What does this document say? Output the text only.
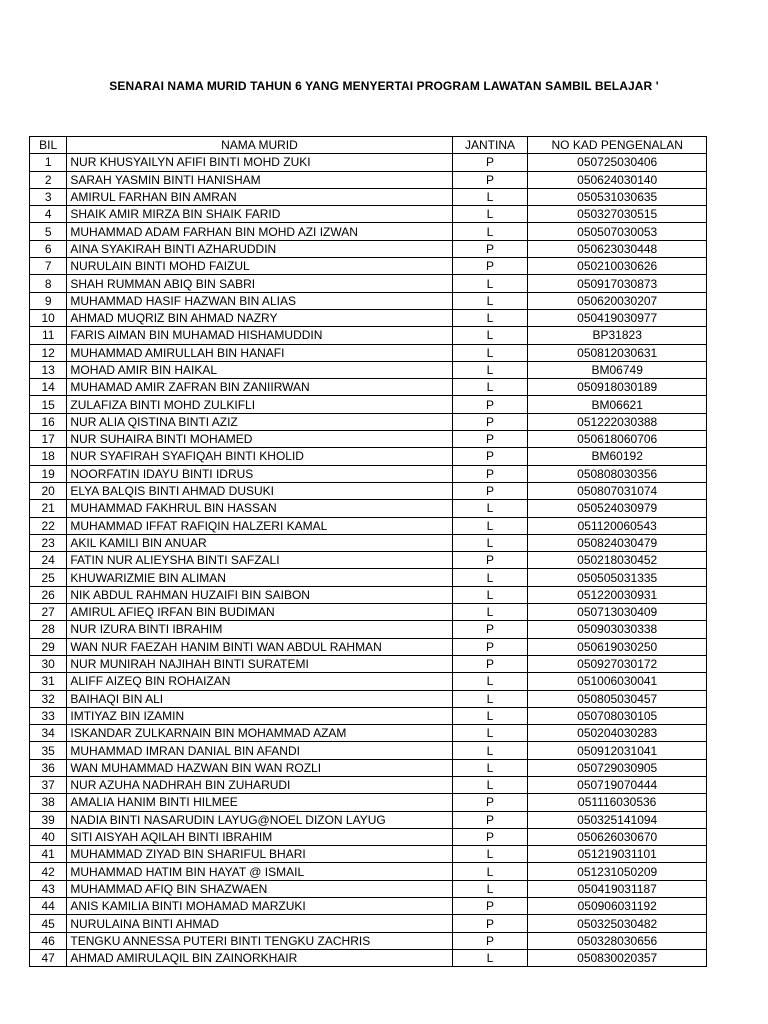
SENARAI NAMA MURID TAHUN 6 YANG MENYERTAI PROGRAM LAWATAN SAMBIL BELAJAR '
BIL	NAMA MURID	JANTINA	NO KAD PENGENALAN
1	NUR KHUSYAILYN AFIFI BINTI MOHD ZUKI	P	050725030406
2	SARAH YASMIN BINTI HANISHAM	P	050624030140
3	AMIRUL FARHAN BIN AMRAN	L	050531030635
4	SHAIK AMIR MIRZA BIN SHAIK FARID	L	050327030515
5	MUHAMMAD ADAM FARHAN BIN MOHD AZI IZWAN	L	050507030053
6	AINA SYAKIRAH BINTI AZHARUDDIN	P	050623030448
7	NURULAIN BINTI MOHD FAIZUL	P	050210030626
8	SHAH RUMMAN ABIQ BIN SABRI	L	050917030873
9	MUHAMMAD HASIF HAZWAN BIN ALIAS	L	050620030207
10	AHMAD MUQRIZ BIN AHMAD NAZRY	L	050419030977
11	FARIS AIMAN BIN MUHAMAD HISHAMUDDIN	L	BP31823
12	MUHAMMAD AMIRULLAH BIN HANAFI	L	050812030631
13	MOHAD AMIR BIN HAIKAL	L	BM06749
14	MUHAMAD AMIR ZAFRAN BIN ZANIIRWAN	L	050918030189
15	ZULAFIZA BINTI MOHD ZULKIFLI	P	BM06621
16	NUR ALIA QISTINA BINTI AZIZ	P	051222030388
17	NUR SUHAIRA BINTI MOHAMED	P	050618060706
18	NUR SYAFIRAH SYAFIQAH BINTI KHOLID	P	BM60192
19	NOORFATIN IDAYU BINTI IDRUS	P	050808030356
20	ELYA BALQIS BINTI AHMAD DUSUKI	P	050807031074
21	MUHAMMAD FAKHRUL BIN HASSAN	L	050524030979
22	MUHAMMAD IFFAT RAFIQIN HALZERI KAMAL	L	051120060543
23	AKIL KAMILI BIN ANUAR	L	050824030479
24	FATIN NUR ALIEYSHA BINTI SAFZALI	P	050218030452
25	KHUWARIZMIE BIN ALIMAN	L	050505031335
26	NIK ABDUL RAHMAN HUZAIFI BIN SAIBON	L	051220030931
27	AMIRUL AFIEQ IRFAN BIN BUDIMAN	L	050713030409
28	NUR IZURA BINTI IBRAHIM	P	050903030338
29	WAN NUR FAEZAH HANIM BINTI WAN ABDUL RAHMAN	P	050619030250
30	NUR MUNIRAH NAJIHAH BINTI SURATEMI	P	050927030172
31	ALIFF AIZEQ BIN ROHAIZAN	L	051006030041
32	BAIHAQI BIN ALI	L	050805030457
33	IMTIYAZ BIN IZAMIN	L	050708030105
34	ISKANDAR ZULKARNAIN BIN MOHAMMAD AZAM	L	050204030283
35	MUHAMMAD IMRAN DANIAL BIN AFANDI	L	050912031041
36	WAN MUHAMMAD HAZWAN BIN WAN ROZLI	L	050729030905
37	NUR AZUHA NADHRAH BIN ZUHARUDI	L	050719070444
38	AMALIA HANIM BINTI HILMEE	P	051116030536
39	NADIA BINTI NASARUDIN LAYUG@NOEL DIZON LAYUG	P	050325141094
40	SITI AISYAH AQILAH BINTI IBRAHIM	P	050626030670
41	MUHAMMAD ZIYAD BIN SHARIFUL BHARI	L	051219031101
42	MUHAMMAD HATIM BIN HAYAT @ ISMAIL	L	051231050209
43	MUHAMMAD AFIQ BIN SHAZWAEN	L	050419031187
44	ANIS KAMILIA BINTI MOHAMAD MARZUKI	P	050906031192
45	NURULAINA BINTI AHMAD	P	050325030482
46	TENGKU ANNESSA PUTERI BINTI TENGKU ZACHRIS	P	050328030656
47	AHMAD AMIRULAQIL BIN ZAINORKHAIR	L	050830020357
